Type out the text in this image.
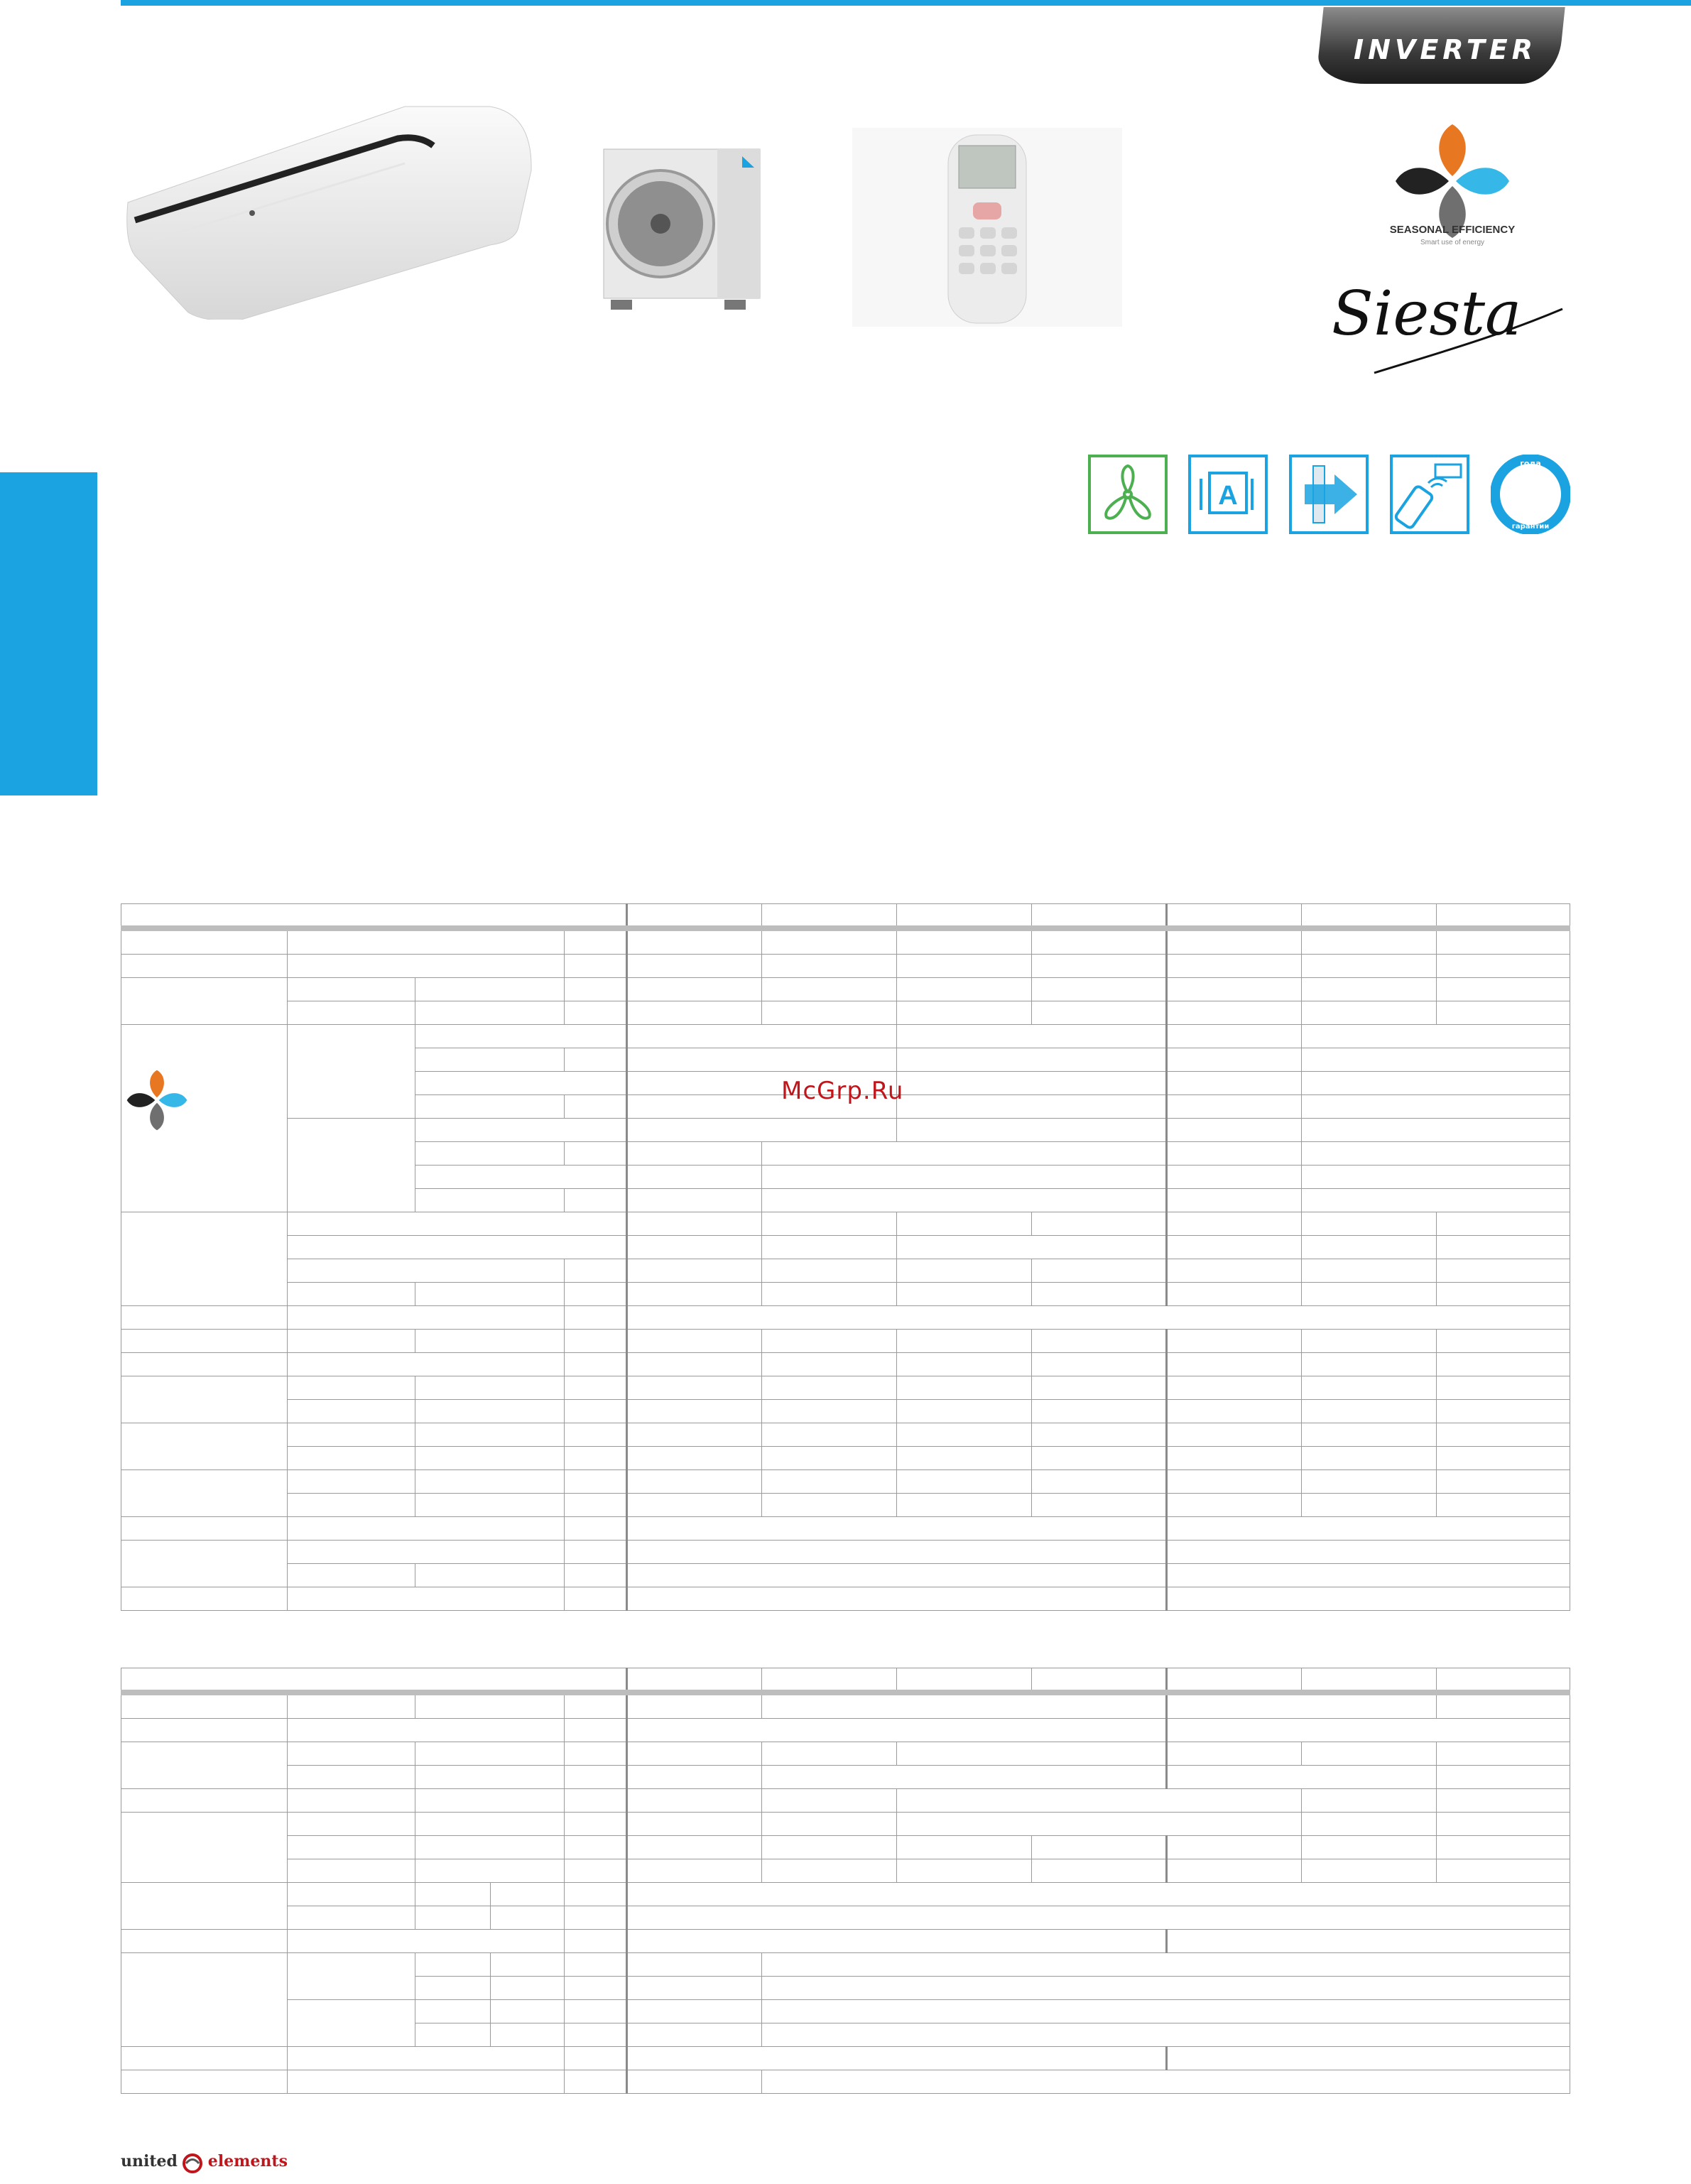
INVERTER
SEASONAL EFFICIENCY
Smart use of energy
Siesta
A
года
гарантии

McGrp.Ru

united elements
